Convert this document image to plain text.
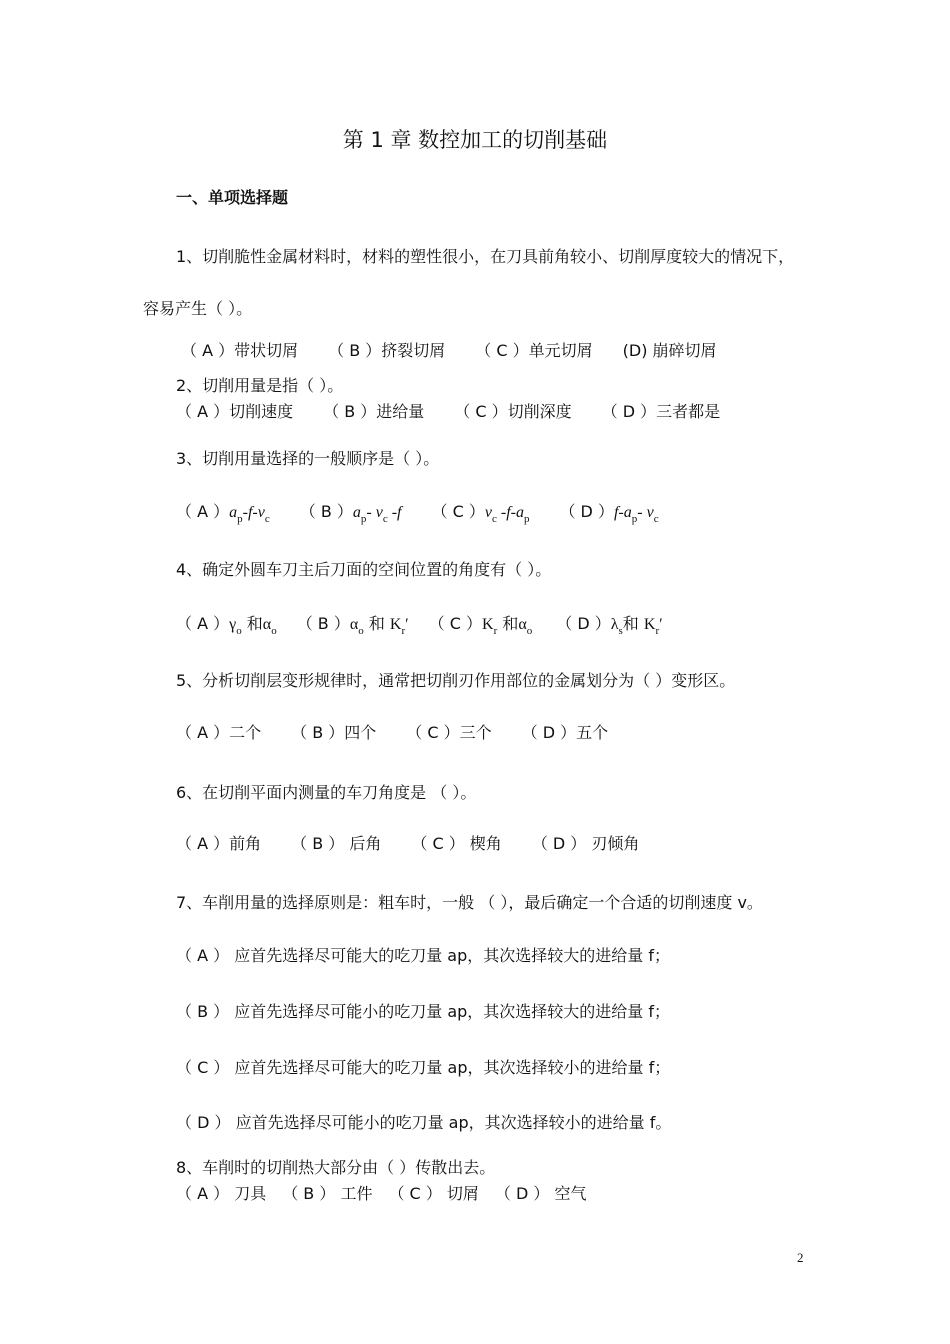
第 1 章 数控加工的切削基础
一、单项选择题
1、切削脆性金属材料时，材料的塑性很小，在刀具前角较小、切削厚度较大的情况下，
容易产生（ ）。
（ A ）带状切屑 （ B ）挤裂切屑 （ C ）单元切屑 (D) 崩碎切屑
2、切削用量是指（ ）。
（ A ）切削速度 （ B ）进给量 （ C ）切削深度 （ D ）三者都是
3、切削用量选择的一般顺序是（ ）。
（ A ）$a_p-f-v_c$ （ B ）$a_p-$ $v_c$ -f （ C ）$v_c$ $-f-a_p$ （ D ）$f-a_p-$ $v_c$
4、确定外圆车刀主后刀面的空间位置的角度有（ ）。
（ A ）$\gamma_o$ 和$\alpha_o$ （ B ）$\alpha_o$ 和 $K_r'$ （ C ）$K_r$ 和$\alpha_o$ （ D ）$\lambda_s$和 $K_r'$
5、分析切削层变形规律时，通常把切削刃作用部位的金属划分为（ ）变形区。
（ A ）二个 （ B ）四个 （ C ）三个 （ D ）五个
6、在切削平面内测量的车刀角度是 （ ）。
（ A ）前角 （ B ） 后角 （ C ） 楔角 （ D ） 刃倾角
7、车削用量的选择原则是：粗车时，一般 （ ），最后确定一个合适的切削速度 v。
（ A ） 应首先选择尽可能大的吃刀量 ap，其次选择较大的进给量 f；
（ B ） 应首先选择尽可能小的吃刀量 ap，其次选择较大的进给量 f；
（ C ） 应首先选择尽可能大的吃刀量 ap，其次选择较小的进给量 f；
（ D ） 应首先选择尽可能小的吃刀量 ap，其次选择较小的进给量 f。
8、车削时的切削热大部分由（ ）传散出去。
（ A ） 刀具 （ B ） 工件 （ C ） 切屑 （ D ） 空气
2
